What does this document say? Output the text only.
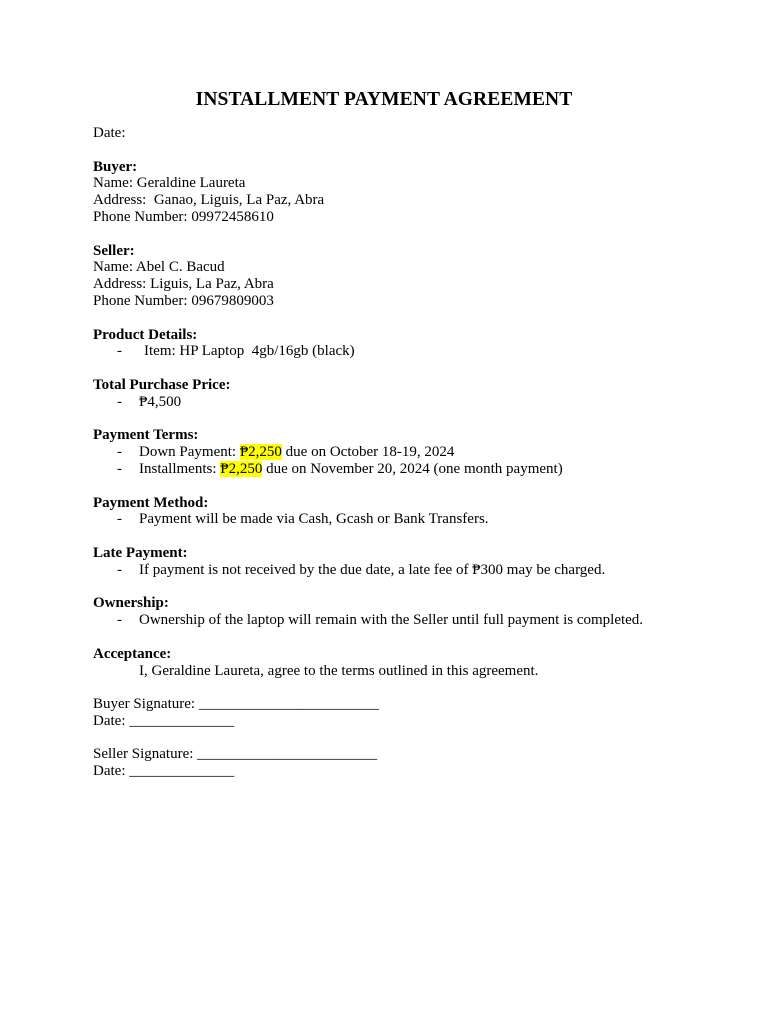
INSTALLMENT PAYMENT AGREEMENT
Date:
Buyer:
Name: Geraldine Laureta
Address:  Ganao, Liguis, La Paz, Abra
Phone Number: 09972458610
Seller:
Name: Abel C. Bacud
Address: Liguis, La Paz, Abra
Phone Number: 09679809003
Product Details:

-

Item: HP Laptop  4gb/16gb (black)

Total Purchase Price:

-

₱4,500

Payment Terms:

-

Down Payment: ₱2,250 due on October 18-19, 2024

-

Installments: ₱2,250 due on November 20, 2024 (one month payment)

Payment Method:

-

Payment will be made via Cash, Gcash or Bank Transfers.

Late Payment:

-

If payment is not received by the due date, a late fee of ₱300 may be charged.

Ownership:

-

Ownership of the laptop will remain with the Seller until full payment is completed.

Acceptance:
I, Geraldine Laureta, agree to the terms outlined in this agreement.
Buyer Signature: ________________________
Date: ______________
Seller Signature: ________________________
Date: ______________
